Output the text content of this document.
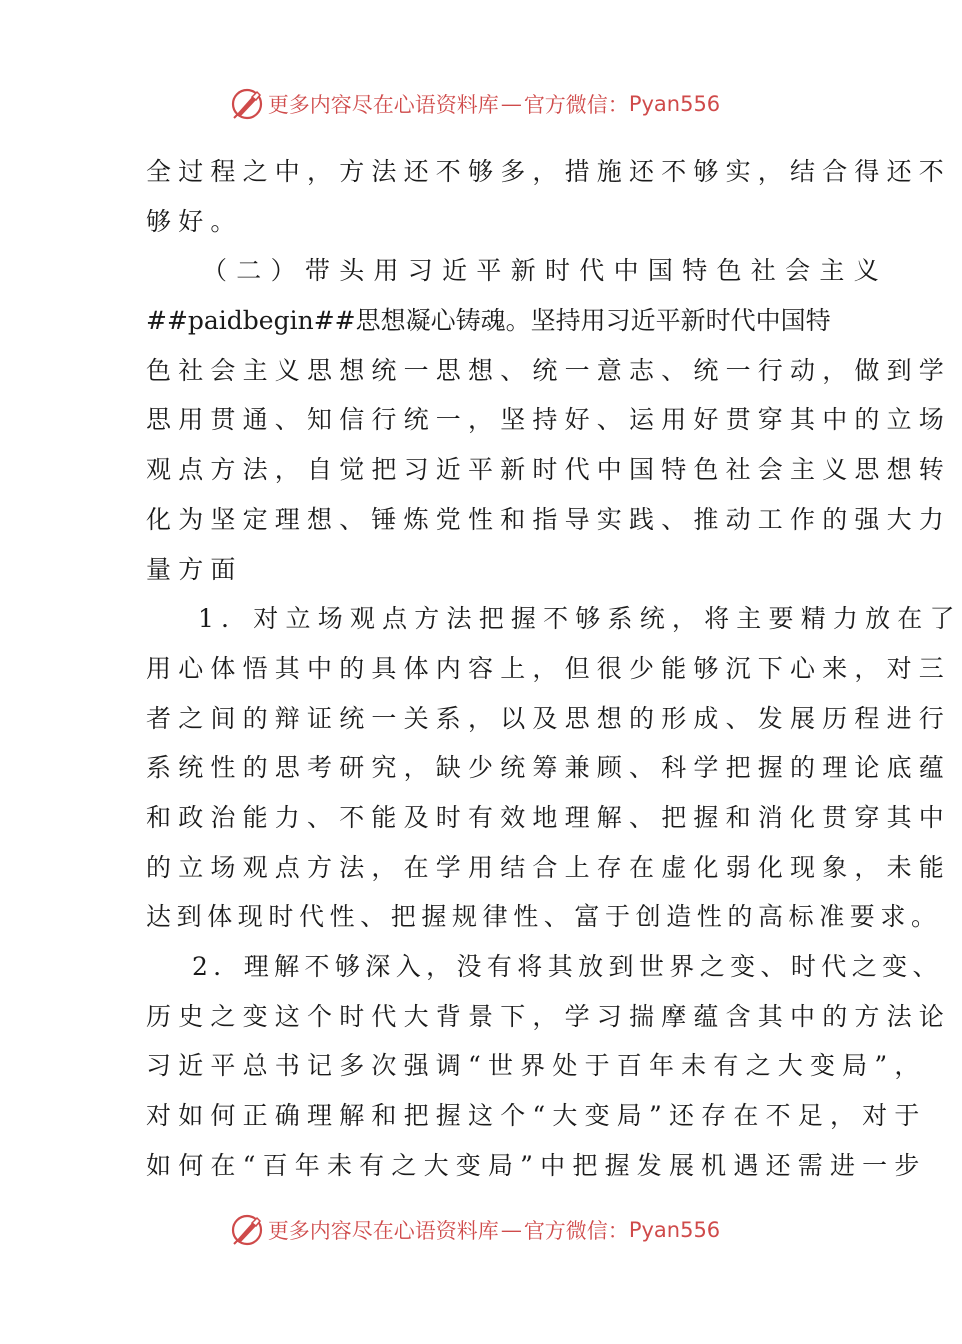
更多内容尽在心语资料库 — 官方微信： Pyan556
全过程之中，方法还不够多，措施还不够实，结合得还不
够好。
（二）带头用习近平新时代中国特色社会主义
##paidbegin##思想凝心铸魂。坚持用习近平新时代中国特
色社会主义思想统一思想、统一意志、统一行动，做到学
思用贯通、知信行统一，坚持好、运用好贯穿其中的立场
观点方法，自觉把习近平新时代中国特色社会主义思想转
化为坚定理想、锤炼党性和指导实践、推动工作的强大力
量方面
1．对立场观点方法把握不够系统，将主要精力放在了
用心体悟其中的具体内容上，但很少能够沉下心来，对三
者之间的辩证统一关系，以及思想的形成、发展历程进行
系统性的思考研究，缺少统筹兼顾、科学把握的理论底蕴
和政治能力、不能及时有效地理解、把握和消化贯穿其中
的立场观点方法，在学用结合上存在虚化弱化现象，未能
达到体现时代性、把握规律性、富于创造性的高标准要求。
2．理解不够深入，没有将其放到世界之变、时代之变、
历史之变这个时代大背景下，学习揣摩蕴含其中的方法论
习近平总书记多次强调“世界处于百年未有之大变局”，
对如何正确理解和把握这个“大变局”还存在不足，对于
如何在“百年未有之大变局”中把握发展机遇还需进一步
更多内容尽在心语资料库 — 官方微信： Pyan556
